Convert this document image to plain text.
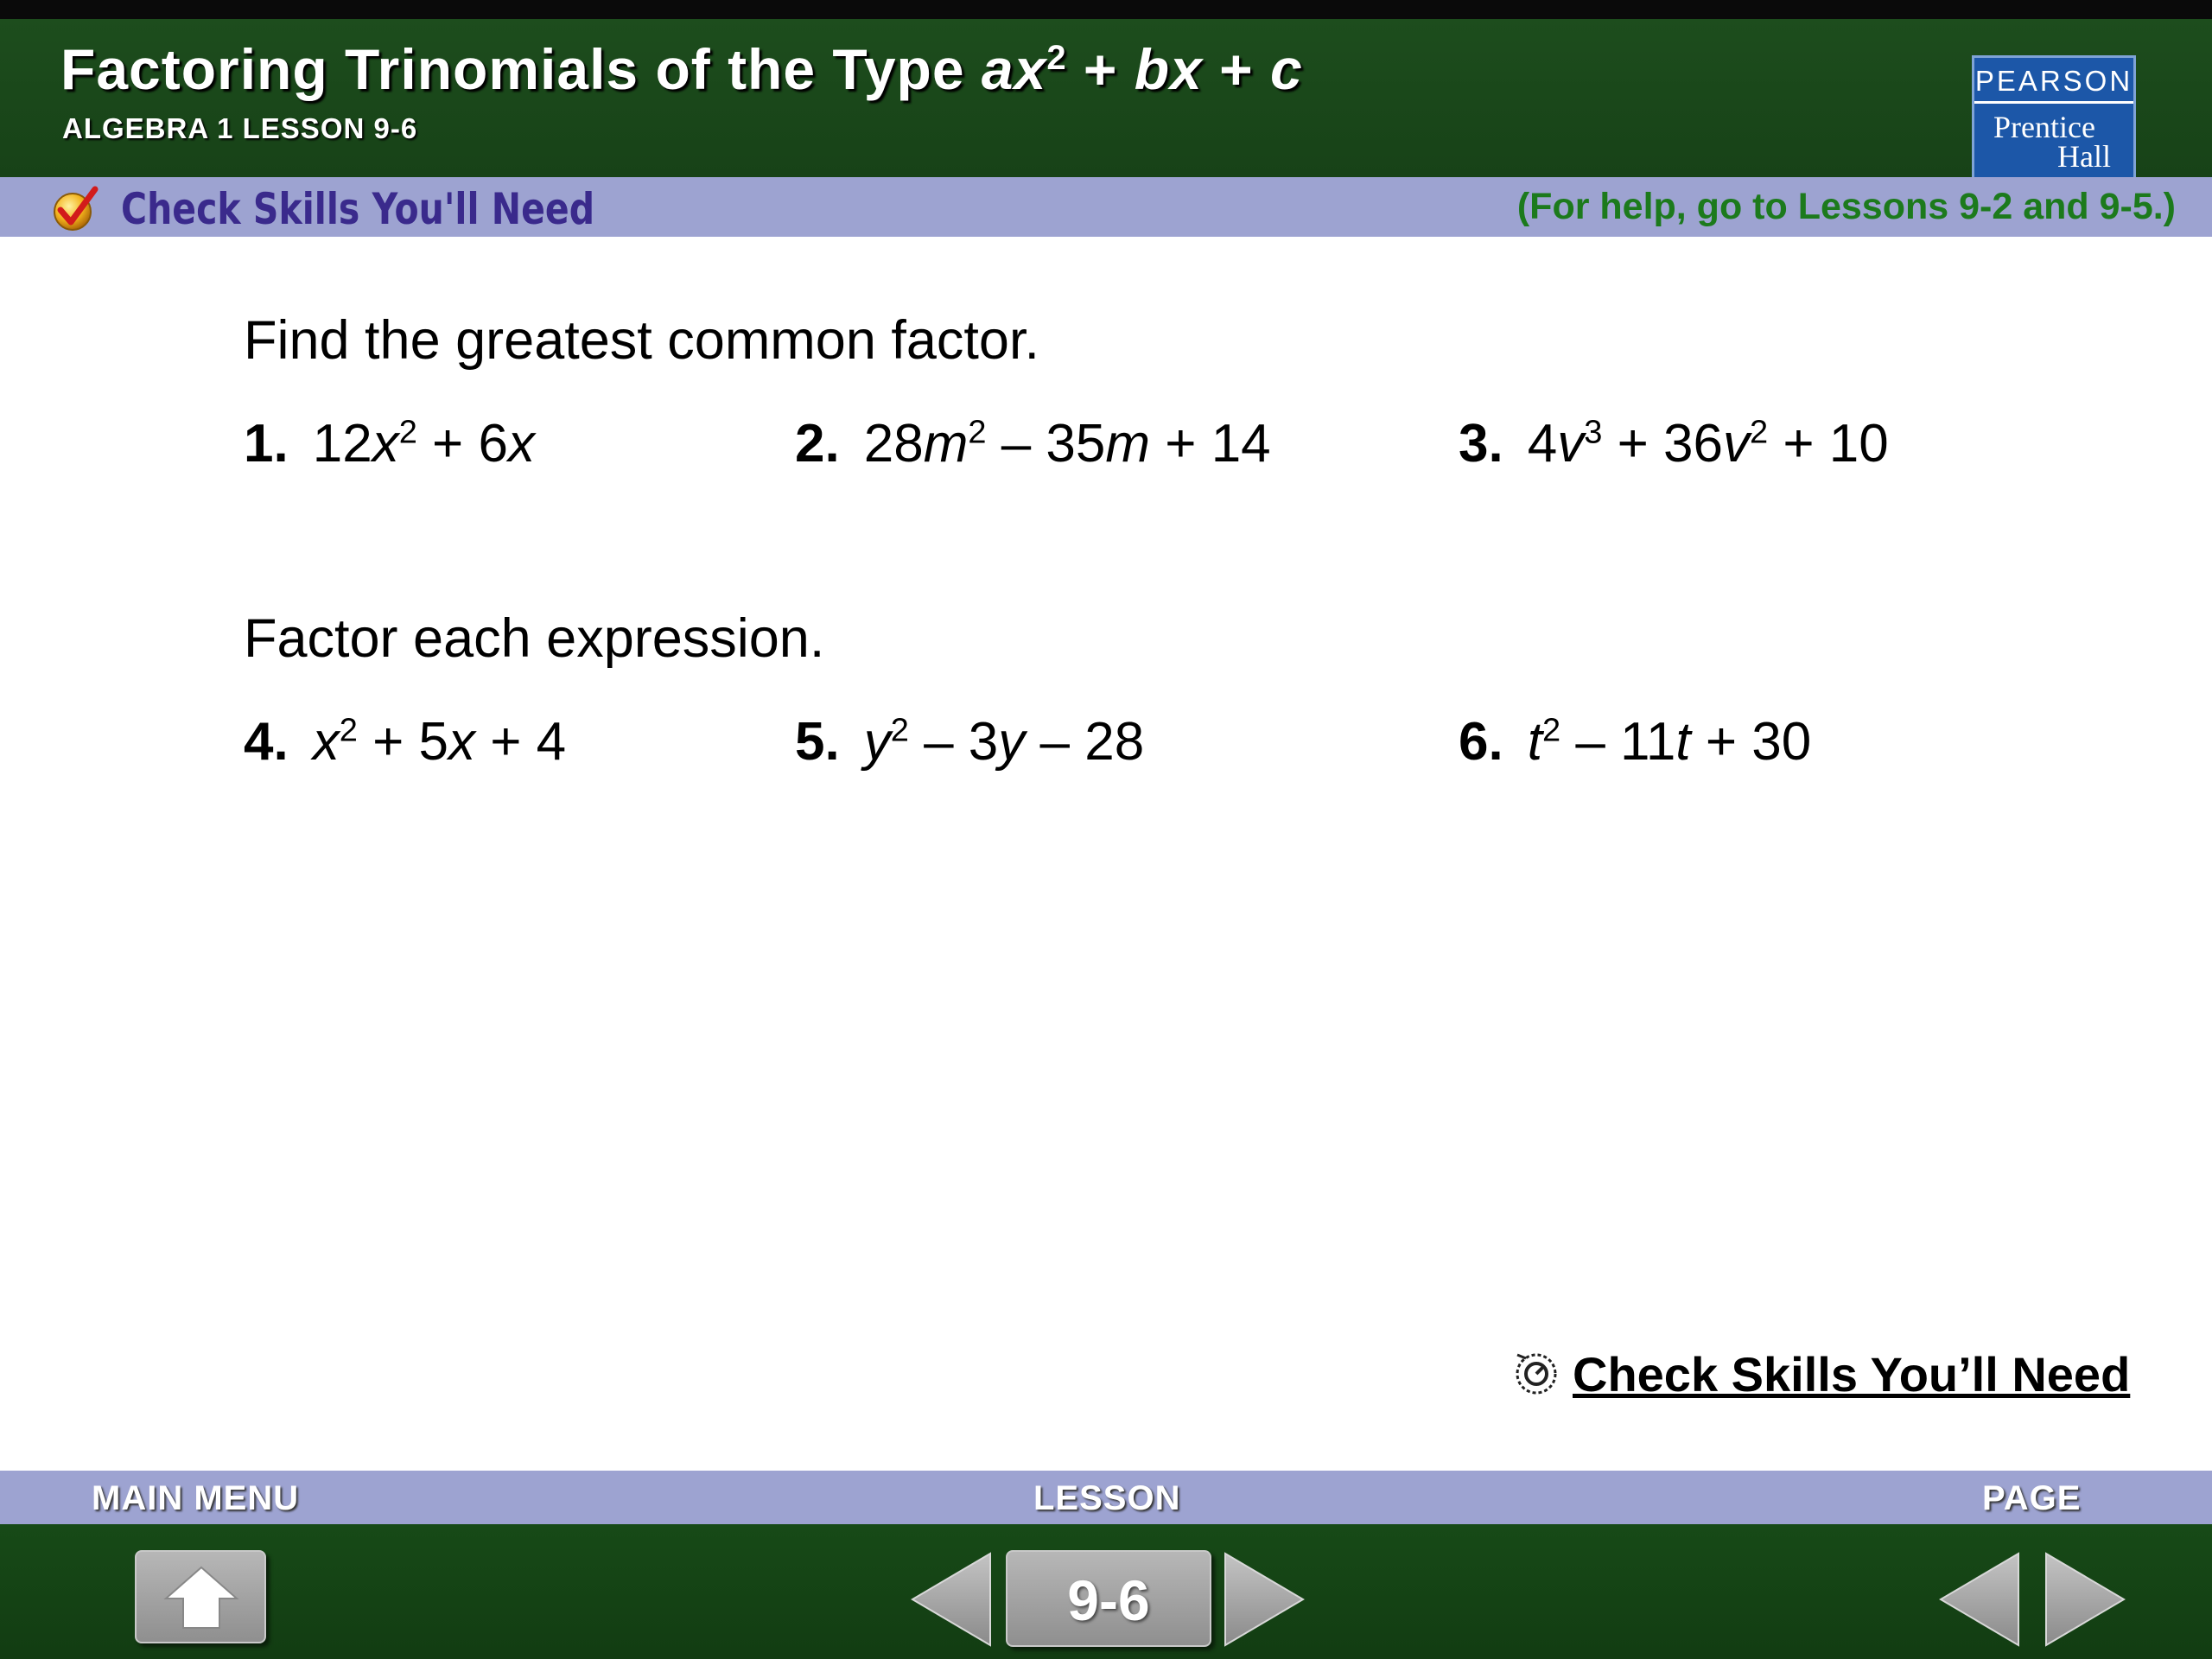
Factoring Trinomials of the Type $ax^2$ + bx + c
ALGEBRA 1 LESSON 9-6
PEARSON
Prentice
Hall
Check Skills You'll Need	(For help, go to Lessons 9-2 and 9-5.)
Find the greatest common factor.
1. $12x^2 + 6x$	2. $28m^2 - 35m + 14$	3. $4v^3 + 36v^2 + 10$
Factor each expression.
4. $x^2 + 5x + 4$	5. $y^2 - 3y - 28$	6. $t^2 - 11t + 30$
Check Skills You’ll Need
MAIN MENU	LESSON	PAGE
9-6
